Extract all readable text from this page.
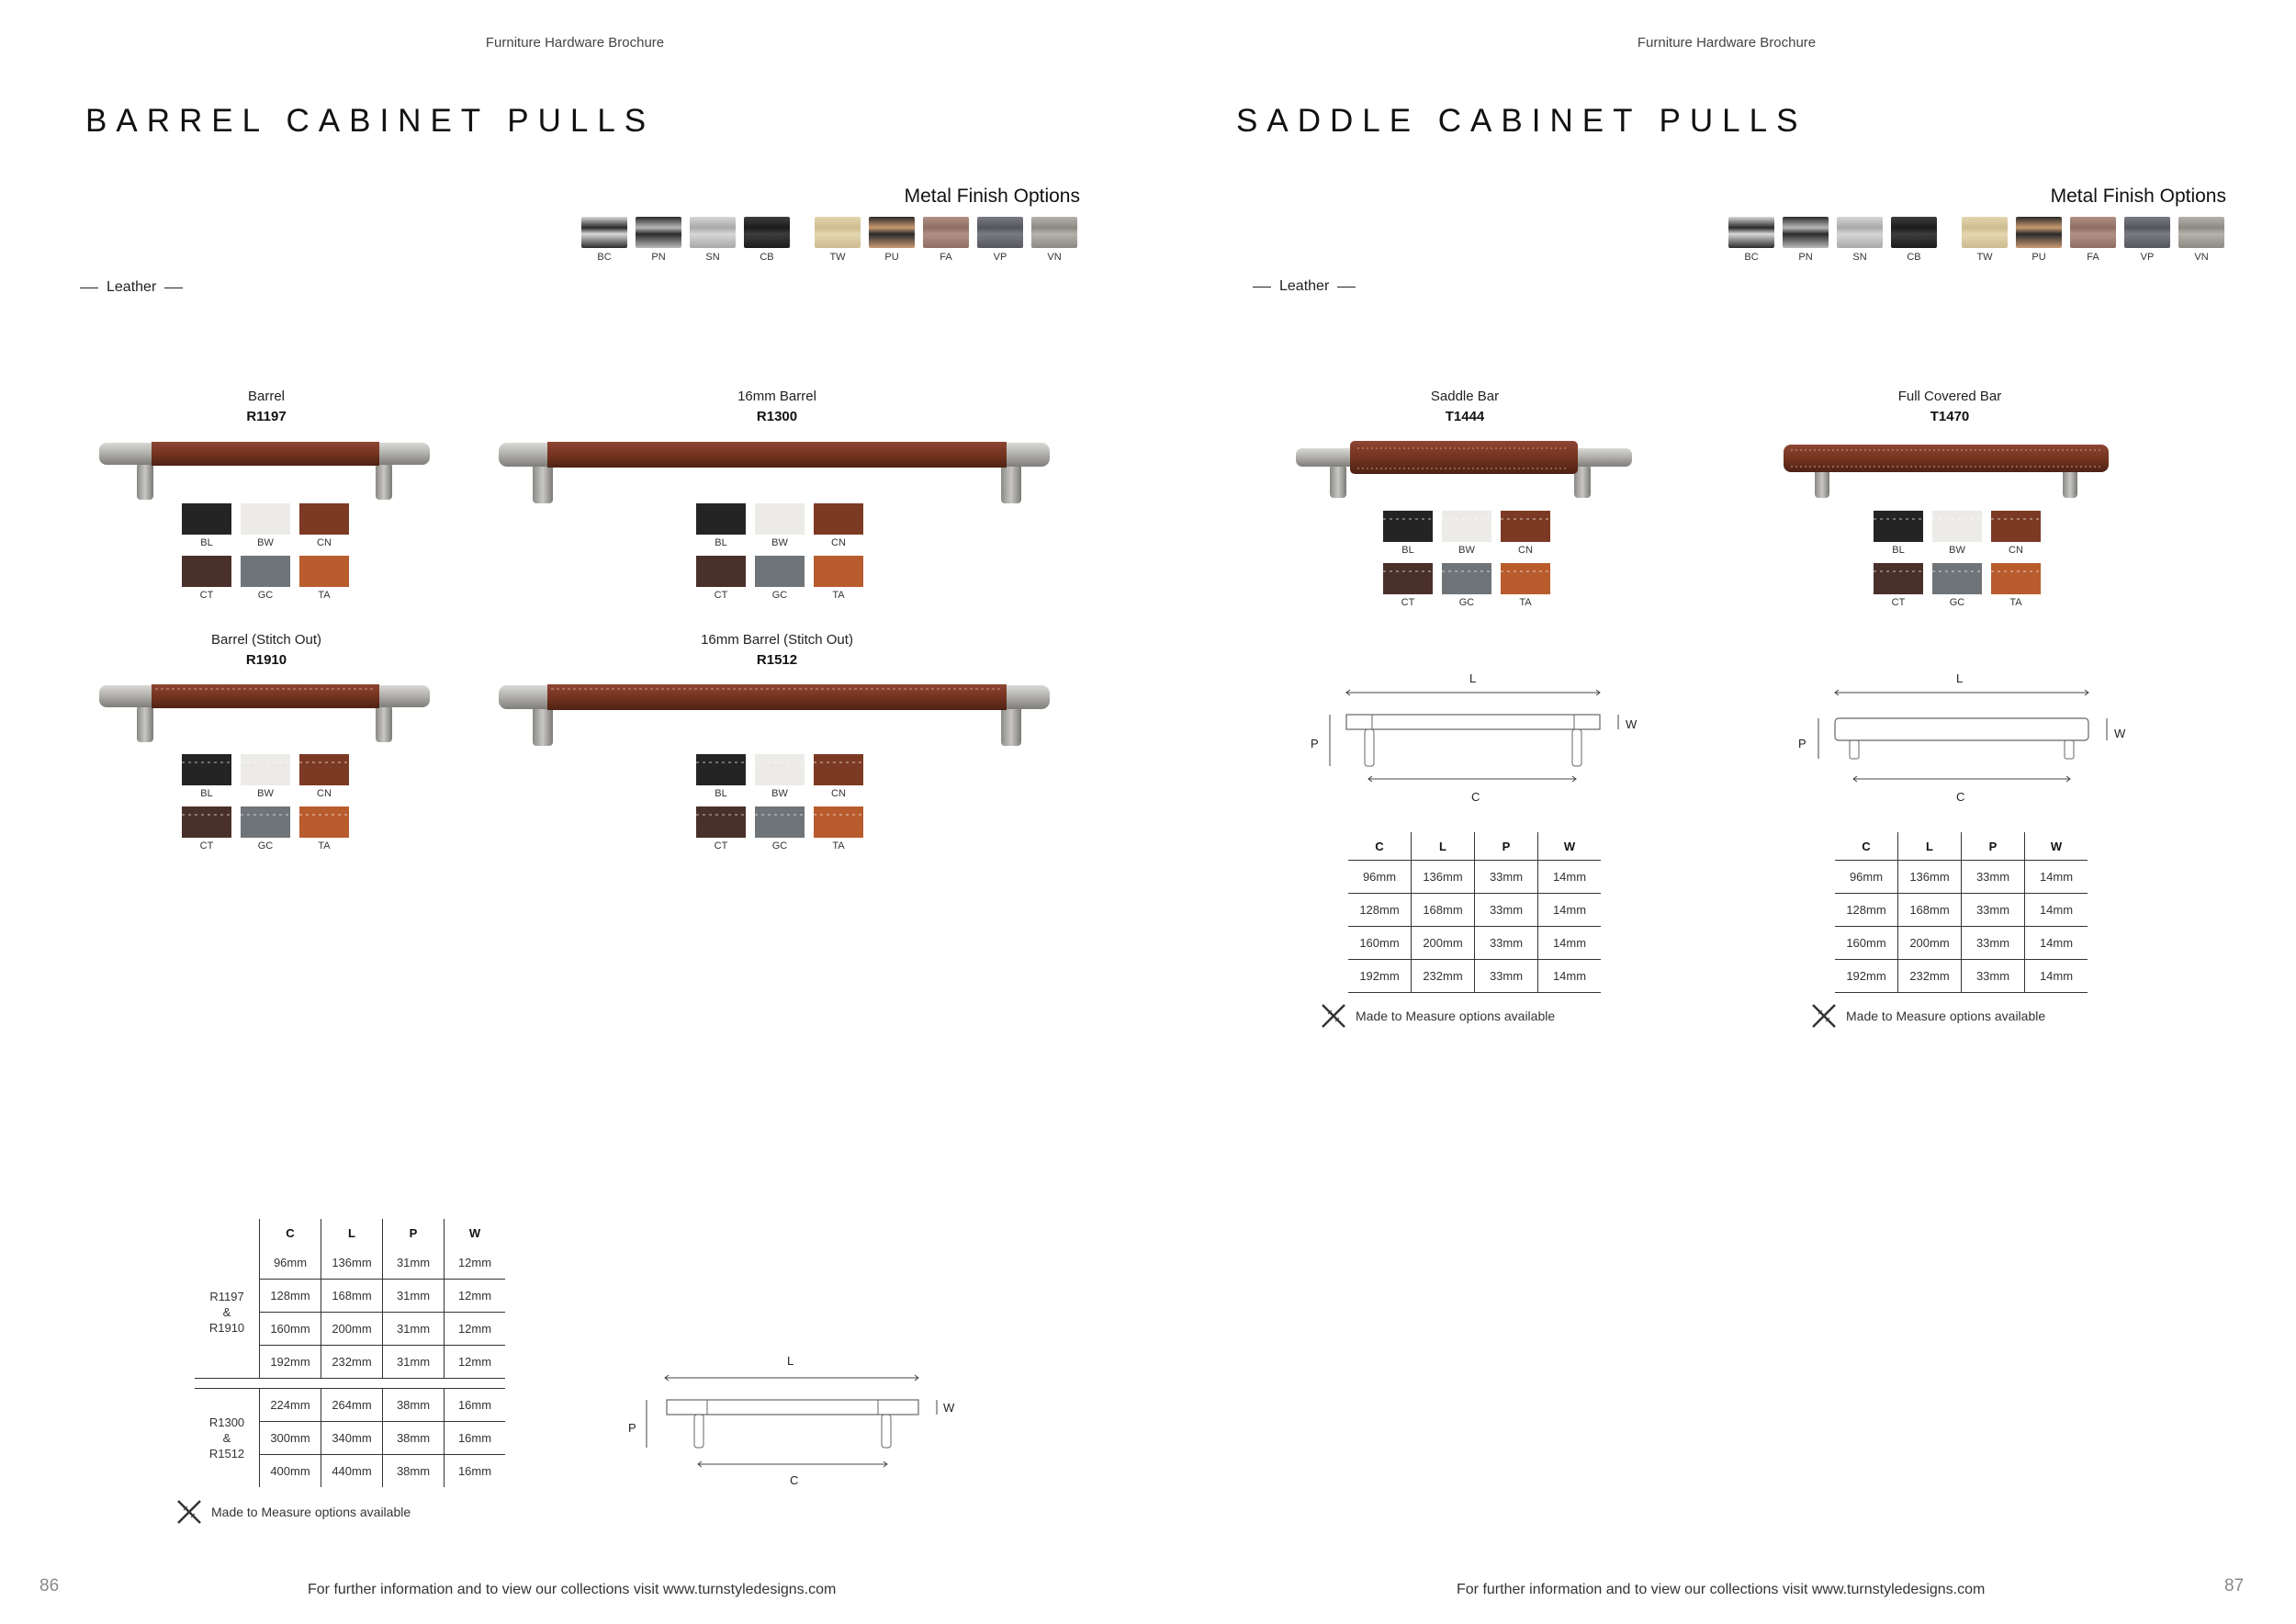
Furniture Hardware Brochure
BARREL CABINET PULLS
Metal Finish Options
BC	PN	SN	CB	TW	PU	FA	VP	VN
Leather
Barrel
R1197
BL	BW	CN
CT	GC	TA
16mm Barrel
R1300
BL	BW	CN
CT	GC	TA
Barrel (Stitch Out)
R1910
BL	BW	CN
CT	GC	TA
16mm Barrel (Stitch Out)
R1512
BL	BW	CN
CT	GC	TA
	C	L	P	W

R1197
&
R1910	96mm	136mm	31mm	12mm
	128mm	168mm	31mm	12mm
	160mm	200mm	31mm	12mm
	192mm	232mm	31mm	12mm

R1300
&
R1512	224mm	264mm	38mm	16mm
	300mm	340mm	38mm	16mm
	400mm	440mm	38mm	16mm
L
W
P
C
Made to Measure options available
86	For further information and to view our collections visit www.turnstyledesigns.com
Furniture Hardware Brochure
SADDLE CABINET PULLS
Metal Finish Options
BC	PN	SN	CB	TW	PU	FA	VP	VN
Leather
Saddle Bar
T1444
BL	BW	CN
CT	GC	TA
Full Covered Bar
T1470
BL	BW	CN
CT	GC	TA
L
W
P
C
L
W
P
C
C	L	P	W
96mm	136mm	33mm	14mm
128mm	168mm	33mm	14mm
160mm	200mm	33mm	14mm
192mm	232mm	33mm	14mm
C	L	P	W
96mm	136mm	33mm	14mm
128mm	168mm	33mm	14mm
160mm	200mm	33mm	14mm
192mm	232mm	33mm	14mm
Made to Measure options available	Made to Measure options available
For further information and to view our collections visit www.turnstyledesigns.com	87
